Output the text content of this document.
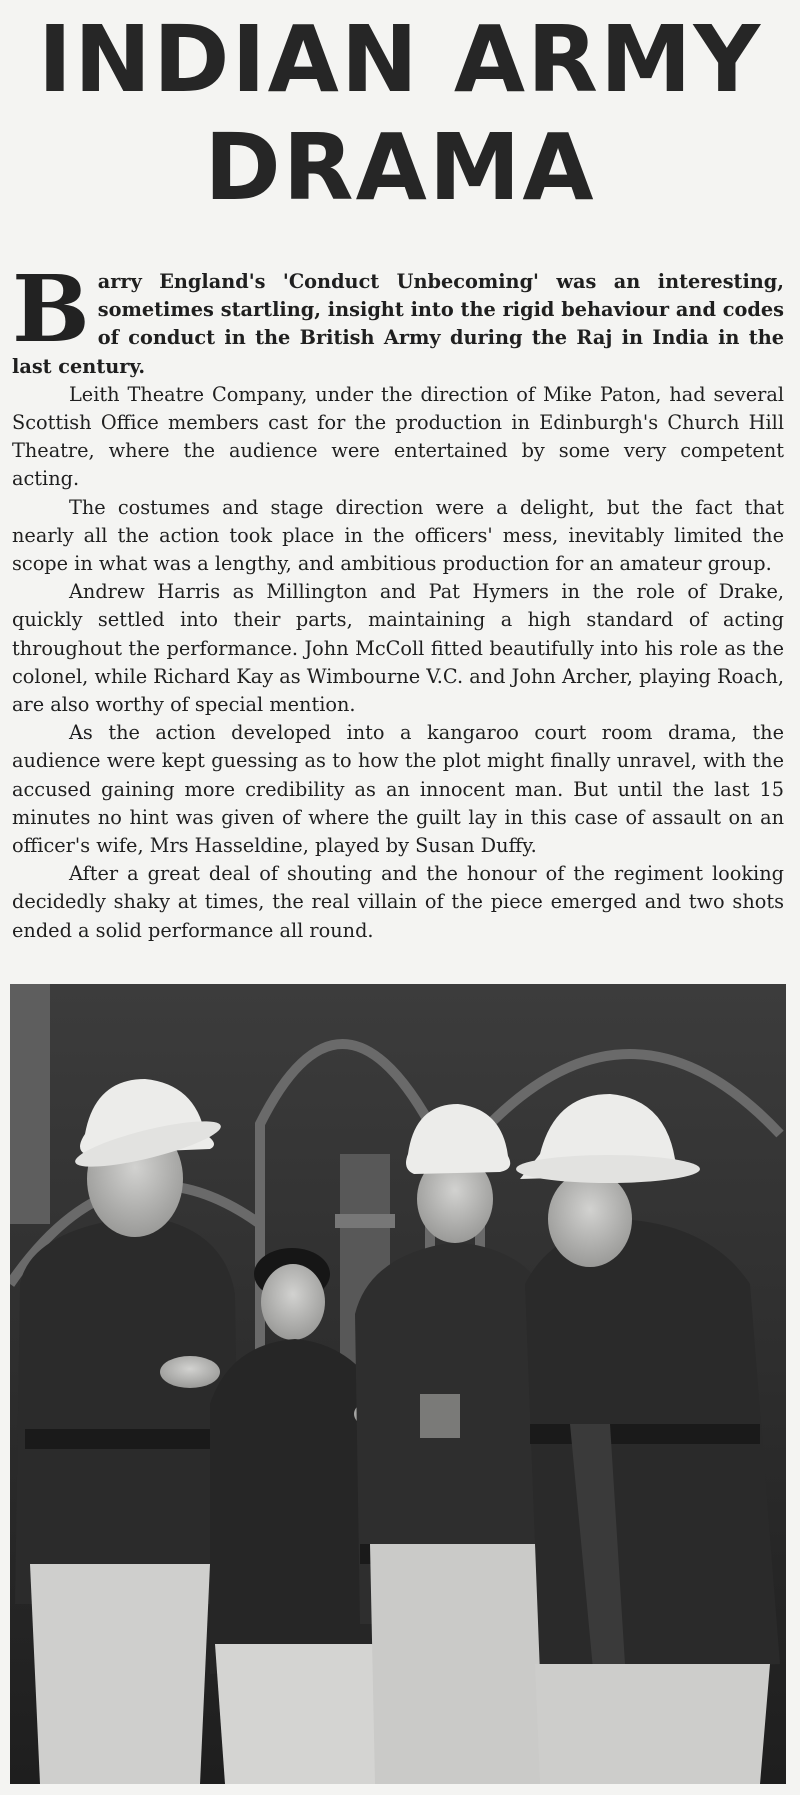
INDIAN ARMY
DRAMA

Barry England's 'Conduct Unbecoming' was an interesting, sometimes startling, insight into the rigid behaviour and codes of conduct in the British Army during the Raj in India in the last century.

Leith Theatre Company, under the direction of Mike Paton, had several Scottish Office members cast for the production in Edinburgh's Church Hill Theatre, where the audience were entertained by some very competent acting.

The costumes and stage direction were a delight, but the fact that nearly all the action took place in the officers' mess, inevitably limited the scope in what was a lengthy, and ambitious production for an amateur group.

Andrew Harris as Millington and Pat Hymers in the role of Drake, quickly settled into their parts, maintaining a high standard of acting throughout the performance. John McColl fitted beautifully into his role as the colonel, while Richard Kay as Wimbourne V.C. and John Archer, playing Roach, are also worthy of special mention.

As the action developed into a kangaroo court room drama, the audience were kept guessing as to how the plot might finally unravel, with the accused gaining more credibility as an innocent man. But until the last 15 minutes no hint was given of where the guilt lay in this case of assault on an officer's wife, Mrs Hasseldine, played by Susan Duffy.

After a great deal of shouting and the honour of the regiment looking decidedly shaky at times, the real villain of the piece emerged and two shots ended a solid performance all round.
